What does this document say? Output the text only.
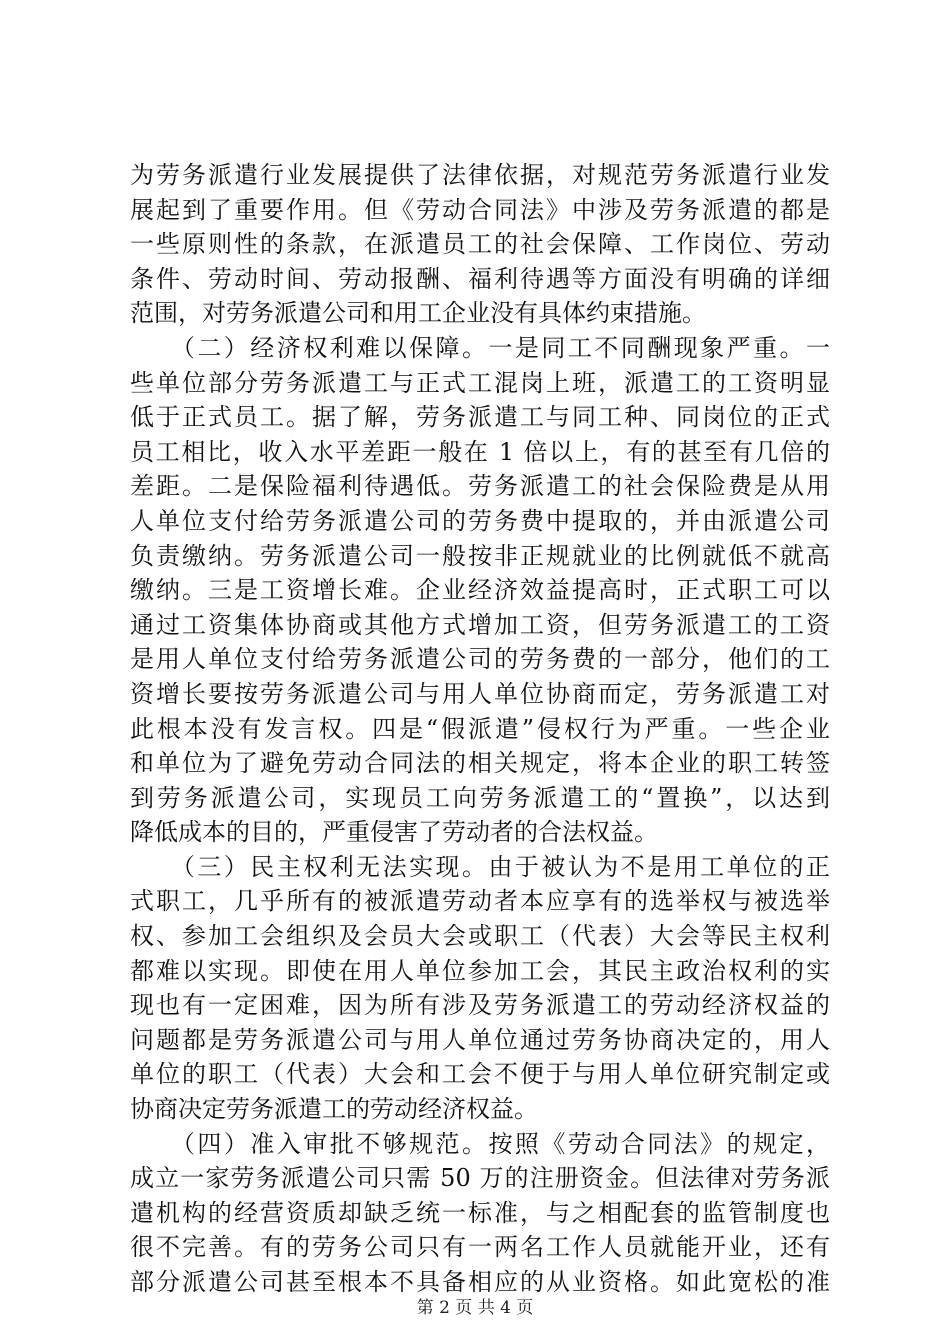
为劳务派遣行业发展提供了法律依据，对规范劳务派遣行业发
展起到了重要作用。但《劳动合同法》中涉及劳务派遣的都是
一些原则性的条款，在派遣员工的社会保障、工作岗位、劳动
条件、劳动时间、劳动报酬、福利待遇等方面没有明确的详细
范围，对劳务派遣公司和用工企业没有具体约束措施。
　　（二）经济权利难以保障。一是同工不同酬现象严重。一
些单位部分劳务派遣工与正式工混岗上班，派遣工的工资明显
低于正式员工。据了解，劳务派遣工与同工种、同岗位的正式
员工相比，收入水平差距一般在 1 倍以上，有的甚至有几倍的
差距。二是保险福利待遇低。劳务派遣工的社会保险费是从用
人单位支付给劳务派遣公司的劳务费中提取的，并由派遣公司
负责缴纳。劳务派遣公司一般按非正规就业的比例就低不就高
缴纳。三是工资增长难。企业经济效益提高时，正式职工可以
通过工资集体协商或其他方式增加工资，但劳务派遣工的工资
是用人单位支付给劳务派遣公司的劳务费的一部分，他们的工
资增长要按劳务派遣公司与用人单位协商而定，劳务派遣工对
此根本没有发言权。四是“假派遣”侵权行为严重。一些企业
和单位为了避免劳动合同法的相关规定，将本企业的职工转签
到劳务派遣公司，实现员工向劳务派遣工的“置换”，以达到
降低成本的目的，严重侵害了劳动者的合法权益。
　　（三）民主权利无法实现。由于被认为不是用工单位的正
式职工，几乎所有的被派遣劳动者本应享有的选举权与被选举
权、参加工会组织及会员大会或职工（代表）大会等民主权利
都难以实现。即使在用人单位参加工会，其民主政治权利的实
现也有一定困难，因为所有涉及劳务派遣工的劳动经济权益的
问题都是劳务派遣公司与用人单位通过劳务协商决定的，用人
单位的职工（代表）大会和工会不便于与用人单位研究制定或
协商决定劳务派遣工的劳动经济权益。
　　（四）准入审批不够规范。按照《劳动合同法》的规定，
成立一家劳务派遣公司只需 50 万的注册资金。但法律对劳务派
遣机构的经营资质却缺乏统一标准，与之相配套的监管制度也
很不完善。有的劳务公司只有一两名工作人员就能开业，还有
部分派遣公司甚至根本不具备相应的从业资格。如此宽松的准
第 2 页 共 4 页
